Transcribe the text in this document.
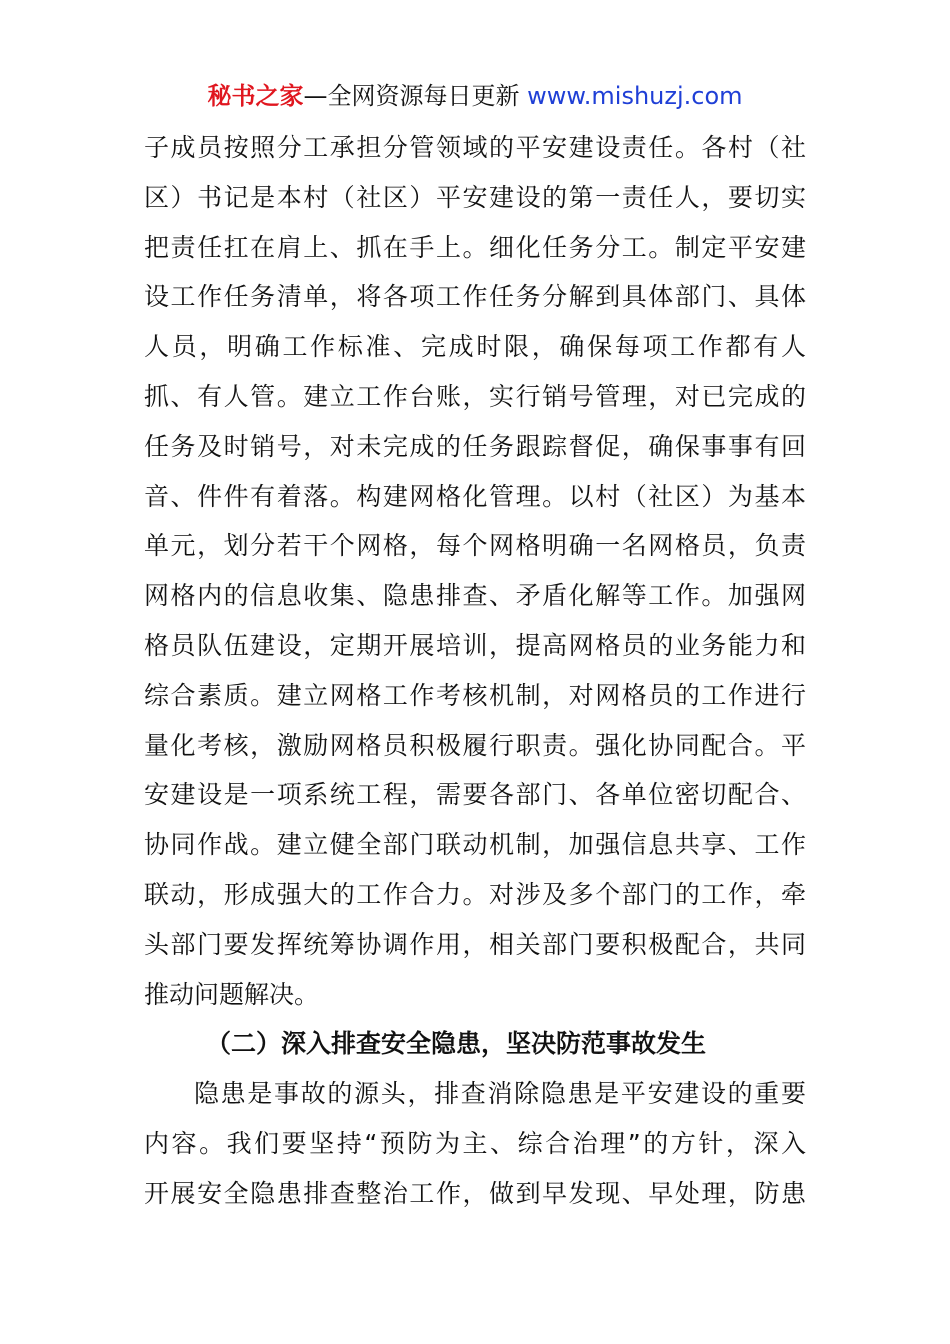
秘书之家—全网资源每日更新 www.mishuzj.com
子成员按照分工承担分管领域的平安建设责任。各村（社
区）书记是本村（社区）平安建设的第一责任人，要切实
把责任扛在肩上、抓在手上。细化任务分工。制定平安建
设工作任务清单，将各项工作任务分解到具体部门、具体
人员，明确工作标准、完成时限，确保每项工作都有人
抓、有人管。建立工作台账，实行销号管理，对已完成的
任务及时销号，对未完成的任务跟踪督促，确保事事有回
音、件件有着落。构建网格化管理。以村（社区）为基本
单元，划分若干个网格，每个网格明确一名网格员，负责
网格内的信息收集、隐患排查、矛盾化解等工作。加强网
格员队伍建设，定期开展培训，提高网格员的业务能力和
综合素质。建立网格工作考核机制，对网格员的工作进行
量化考核，激励网格员积极履行职责。强化协同配合。平
安建设是一项系统工程，需要各部门、各单位密切配合、
协同作战。建立健全部门联动机制，加强信息共享、工作
联动，形成强大的工作合力。对涉及多个部门的工作，牵
头部门要发挥统筹协调作用，相关部门要积极配合，共同
推动问题解决。
（二）深入排查安全隐患，坚决防范事故发生
隐患是事故的源头，排查消除隐患是平安建设的重要
内容。我们要坚持“预防为主、综合治理”的方针，深入
开展安全隐患排查整治工作，做到早发现、早处理，防患
